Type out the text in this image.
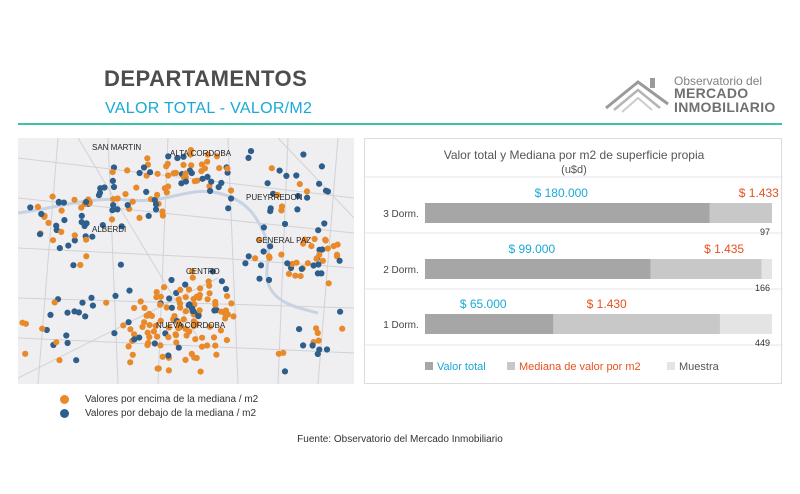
DEPARTAMENTOS
VALOR TOTAL - VALOR/M2
Observatorio del
MERCADO
INMOBILIARIO
SAN MARTIN
ALTA CORDOBA
PUEYRREDON
ALBERDI
GENERAL PAZ
CENTRO
NUEVA CORDOBA
Valor total y Mediana por m2 de superficie propia
(u$d)
3 Dorm.
$ 180.000	$ 1.433
97
2 Dorm.
$ 99.000	$ 1.435
166
1 Dorm.
$ 65.000	$ 1.430
449
Valor total	Mediana de valor por m2	Muestra
Valores por encima de la mediana / m2
Valores por debajo de la mediana / m2
Fuente: Observatorio del Mercado Inmobiliario
